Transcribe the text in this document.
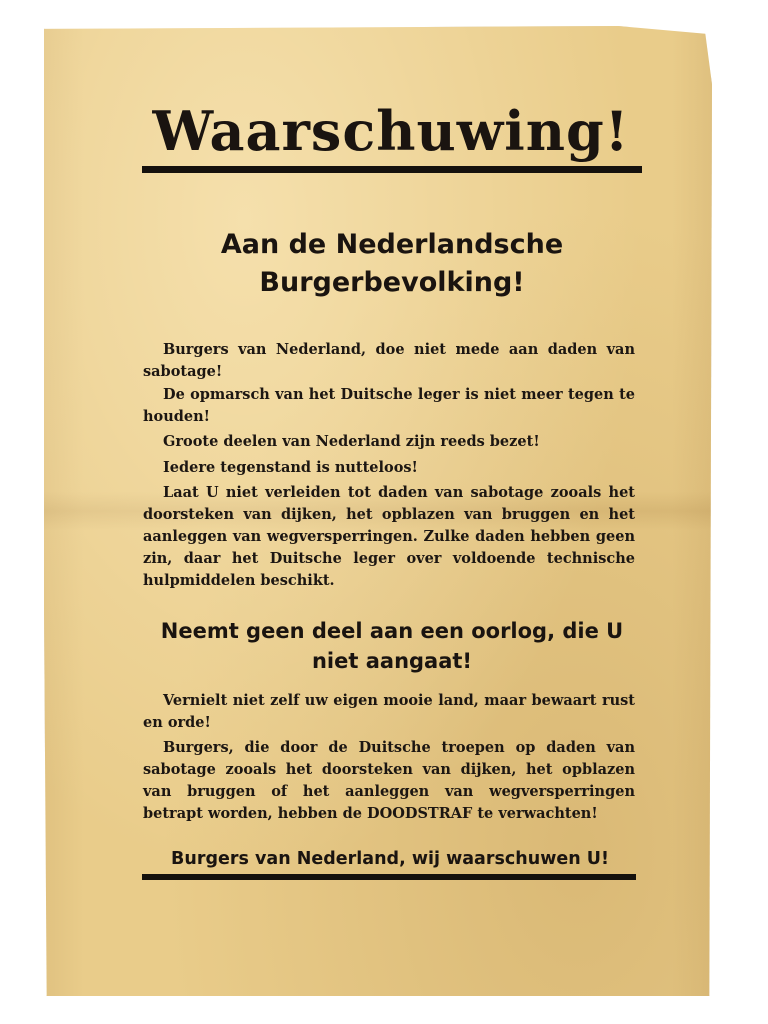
Waarschuwing!
Aan de Nederlandsche Burgerbevolking!
Burgers van Nederland, doe niet mede aan daden van sabotage!
De opmarsch van het Duitsche leger is niet meer tegen te houden!
Groote deelen van Nederland zijn reeds bezet!
Iedere tegenstand is nutteloos!
Laat U niet verleiden tot daden van sabotage zooals het doorsteken van dijken, het opblazen van bruggen en het aanleggen van wegversperringen. Zulke daden hebben geen zin, daar het Duitsche leger over voldoende technische hulpmiddelen beschikt.
Neemt geen deel aan een oorlog, die U niet aangaat!
Vernielt niet zelf uw eigen mooie land, maar bewaart rust en orde!
Burgers, die door de Duitsche troepen op daden van sabotage zooals het doorsteken van dijken, het opblazen van bruggen of het aanleggen van wegversperringen betrapt worden, hebben de DOODSTRAF te verwachten!
Burgers van Nederland, wij waarschuwen U!
